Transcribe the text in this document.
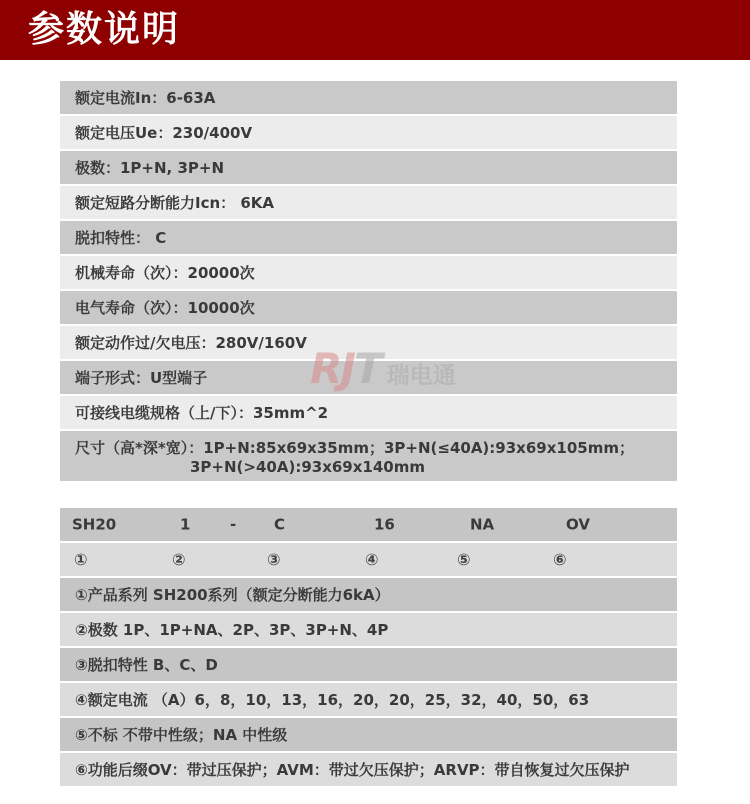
参数说明
额定电流In：6-63A
额定电压Ue：230/400V
极数：1P+N, 3P+N
额定短路分断能力Icn： 6KA
脱扣特性： C
机械寿命（次）：20000次
电气寿命（次）：10000次
额定动作过/欠电压：280V/160V
端子形式：U型端子
可接线电缆规格（上/下）：35mm^2
尺寸（高*深*宽）：1P+N:85x69x35mm；3P+N(≤40A):93x69x105mm；
3P+N(>40A):93x69x140mm
RJ T 瑞电通
SH20	1	-	C	16	NA	OV
①	②	③	④	⑤	⑥
①产品系列 SH200系列（额定分断能力6kA）
②极数 1P、1P+NA、2P、3P、3P+N、4P
③脱扣特性 B、C、D
④额定电流 （A）6，8，10，13，16，20，20，25，32，40，50，63
⑤不标 不带中性级；NA 中性级
⑥功能后缀OV：带过压保护；AVM：带过欠压保护；ARVP：带自恢复过欠压保护
